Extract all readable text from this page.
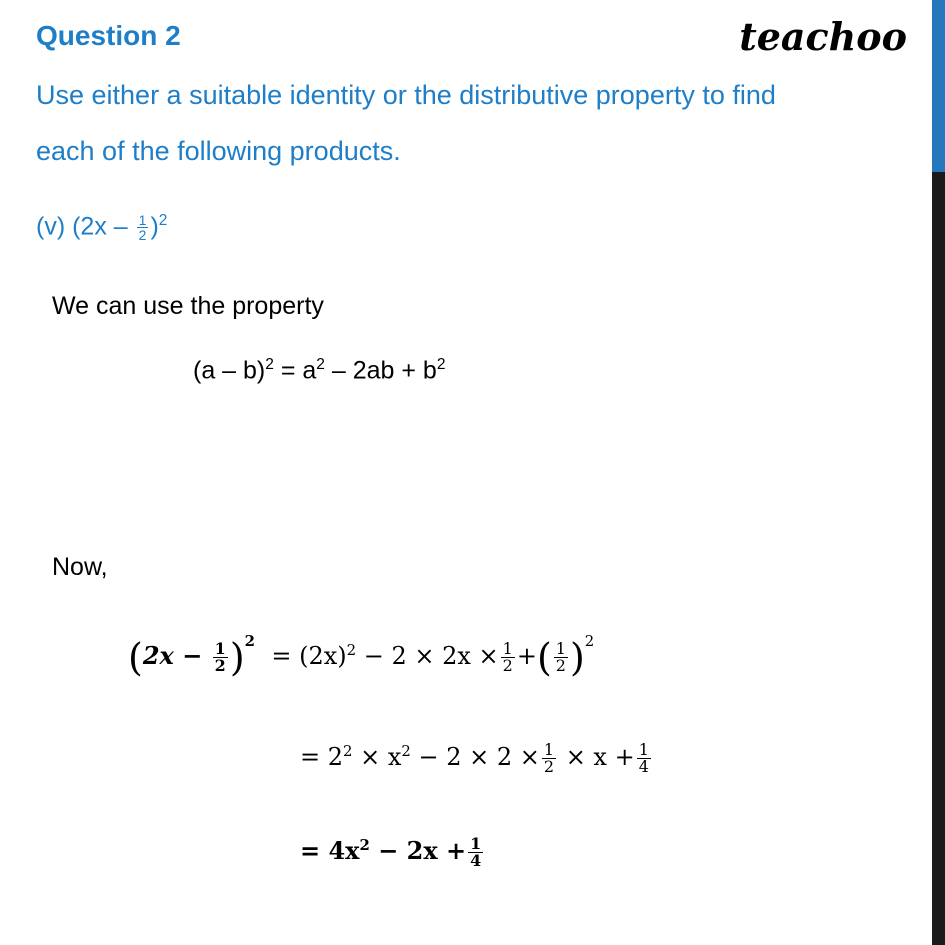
Question 2	teachoo
Use either a suitable identity or the distributive property to find
each of the following products.
(v) $(2x - \frac{1}{2} )^2$
We can use the property
$(a - b)^2 = a^2 - 2ab + b^2$
Now,
$(2x - \frac{1}{2} )^2 = (2x)^2 - 2 \times 2x \times \frac{1}{2}$ +( $\frac{1}{2} )^2$
= $2^2 \times x^2 - 2 \times 2 \times \frac{1}{2} \times x + \frac{1}{4}$
= $4x^2 - 2x + \frac{1}{4}$
